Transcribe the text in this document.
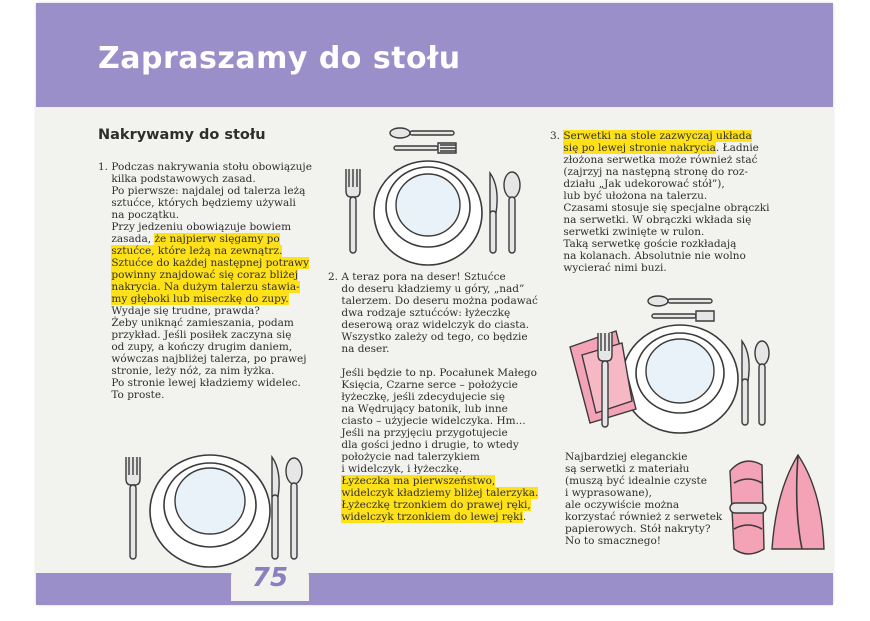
Zapraszamy do stołu
Nakrywamy do stołu

1. Podczas nakrywania stołu obowiązuje

kilka podstawowych zasad.

Po pierwsze: najdalej od talerza leżą

sztućce, których będziemy używali

na początku.

Przy jedzeniu obowiązuje bowiem

zasada, że najpierw sięgamy po

sztućce, które leżą na zewnątrz.

Sztućce do każdej następnej potrawy

powinny znajdować się coraz bliżej

nakrycia. Na dużym talerzu stawia-

my głęboki lub miseczkę do zupy.

Wydaje się trudne, prawda?

Żeby uniknąć zamieszania, podam

przykład. Jeśli posiłek zaczyna się

od zupy, a kończy drugim daniem,

wówczas najbliżej talerza, po prawej

stronie, leży nóż, za nim łyżka.

Po stronie lewej kładziemy widelec.

To proste.

2. A teraz pora na deser! Sztućce

do deseru kładziemy u góry, „nad”

talerzem. Do deseru można podawać

dwa rodzaje sztućców: łyżeczkę

deserową oraz widelczyk do ciasta.

Wszystko zależy od tego, co będzie

na deser.

Jeśli będzie to np. Pocałunek Małego

Księcia, Czarne serce – położycie

łyżeczkę, jeśli zdecydujecie się

na Wędrujący batonik, lub inne

ciasto – użyjecie widelczyka. Hm...

Jeśli na przyjęciu przygotujecie

dla gości jedno i drugie, to wtedy

położycie nad talerzykiem

i widelczyk, i łyżeczkę.

Łyżeczka ma pierwszeństwo,

widelczyk kładziemy bliżej talerzyka.

Łyżeczkę trzonkiem do prawej ręki,

widelczyk trzonkiem do lewej ręki.

3. Serwetki na stole zazwyczaj układa

się po lewej stronie nakrycia. Ładnie

złożona serwetka może również stać

(zajrzyj na następną stronę do roz-

działu „Jak udekorować stół”),

lub być ułożona na talerzu.

Czasami stosuje się specjalne obrączki

na serwetki. W obrączki wkłada się

serwetki zwinięte w rulon.

Taką serwetkę goście rozkładają

na kolanach. Absolutnie nie wolno

wycierać nimi buzi.

Najbardziej eleganckie

są serwetki z materiału

(muszą być idealnie czyste

i wyprasowane),

ale oczywiście można

korzystać również z serwetek

papierowych. Stół nakryty?

No to smacznego!

75
